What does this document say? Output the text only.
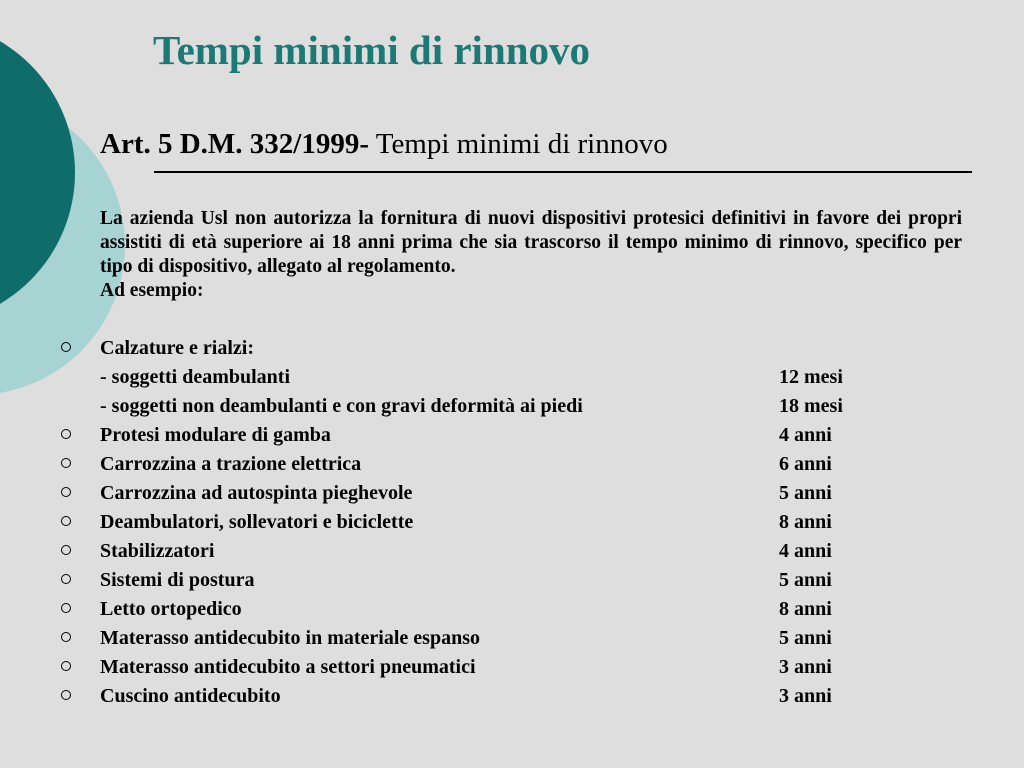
Tempi minimi di rinnovo
Art. 5 D.M. 332/1999- Tempi minimi di rinnovo
La azienda Usl non autorizza la fornitura di nuovi dispositivi protesici definitivi in favore dei propri assistiti di età superiore ai 18 anni prima che sia trascorso il tempo minimo di rinnovo, specifico per tipo di dispositivo, allegato al regolamento.
Ad esempio:
Calzature e rialzi:
- soggetti deambulanti	12 mesi
- soggetti non deambulanti e con gravi deformità ai piedi	18 mesi
Protesi modulare di gamba	4 anni
Carrozzina a trazione elettrica	6 anni
Carrozzina ad autospinta pieghevole	5 anni
Deambulatori, sollevatori e biciclette	8 anni
Stabilizzatori	4 anni
Sistemi di postura	5 anni
Letto ortopedico	8 anni
Materasso antidecubito in materiale espanso	5 anni
Materasso antidecubito a settori pneumatici	3 anni
Cuscino antidecubito	3 anni
